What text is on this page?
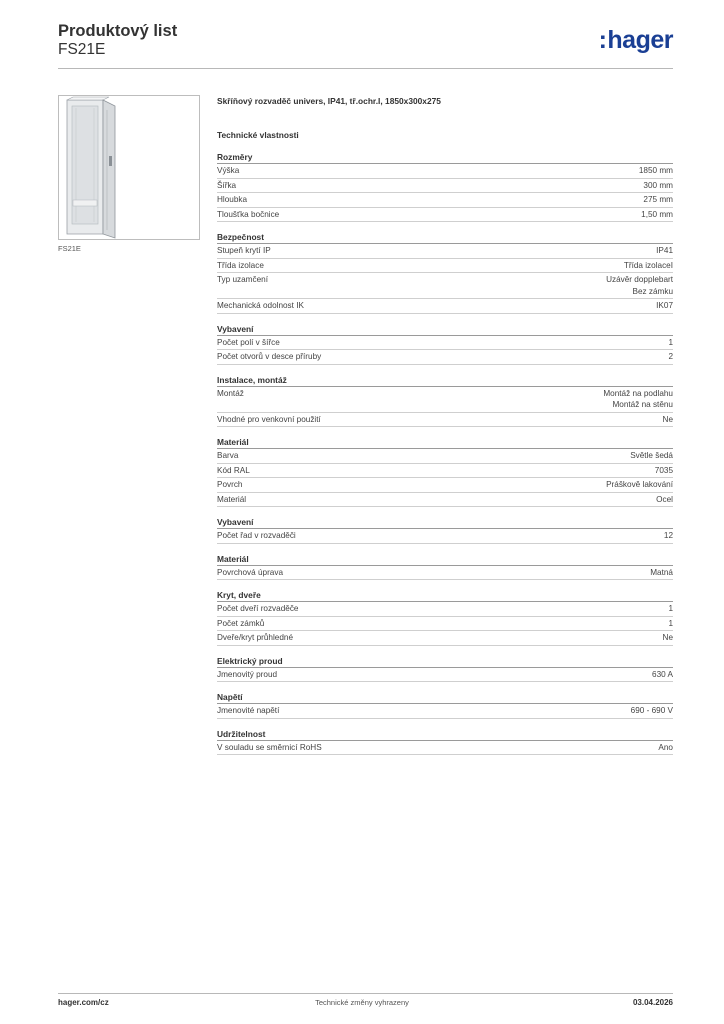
Produktový list
FS21E	:hager
FS21E
Skříňový rozvaděč univers, IP41, tř.ochr.I, 1850x300x275
Technické vlastnosti
Rozměry
Výška	1850 mm
Šířka	300 mm
Hloubka	275 mm
Tloušťka bočnice	1,50 mm
Bezpečnost
Stupeň krytí IP	IP41
Třída izolace	Třída izolaceI
Typ uzamčení	Uzávěr dopplebart
Bez zámku
Mechanická odolnost IK	IK07
Vybavení
Počet polí v šířce	1
Počet otvorů v desce příruby	2
Instalace, montáž
Montáž	Montáž na podlahu
Montáž na stěnu
Vhodné pro venkovní použití	Ne
Materiál
Barva	Světle šedá
Kód RAL	7035
Povrch	Práškově lakování
Materiál	Ocel
Vybavení
Počet řad v rozvaděči	12
Materiál
Povrchová úprava	Matná
Kryt, dveře
Počet dveří rozvaděče	1
Počet zámků	1
Dveře/kryt průhledné	Ne
Elektrický proud
Jmenovitý proud	630 A
Napětí
Jmenovité napětí	690 - 690 V
Udržitelnost
V souladu se směrnicí RoHS	Ano
hager.com/cz	Technické změny vyhrazeny	03.04.2026
